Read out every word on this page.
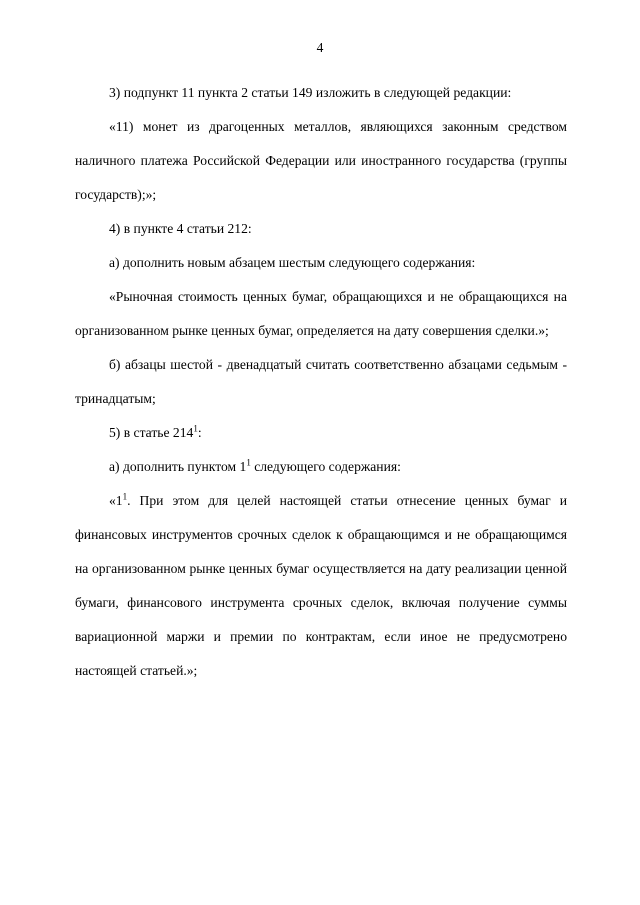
4

3) подпункт 11 пункта 2 статьи 149 изложить в следующей редакции:

«11) монет из драгоценных металлов, являющихся законным средством наличного платежа Российской Федерации или иностранного государства (группы государств);»;

4) в пункте 4 статьи 212:

а) дополнить новым абзацем шестым следующего содержания:

«Рыночная стоимость ценных бумаг, обращающихся и не обращающихся на организованном рынке ценных бумаг, определяется на дату совершения сделки.»;

б) абзацы шестой - двенадцатый считать соответственно абзацами седьмым - тринадцатым;

5) в статье $214^1$:

а) дополнить пунктом $1^1$ следующего содержания:

«$1^1$. При этом для целей настоящей статьи отнесение ценных бумаг и финансовых инструментов срочных сделок к обращающимся и не обращающимся на организованном рынке ценных бумаг осуществляется на дату реализации ценной бумаги, финансового инструмента срочных сделок, включая получение суммы вариационной маржи и премии по контрактам, если иное не предусмотрено настоящей статьей.»;
